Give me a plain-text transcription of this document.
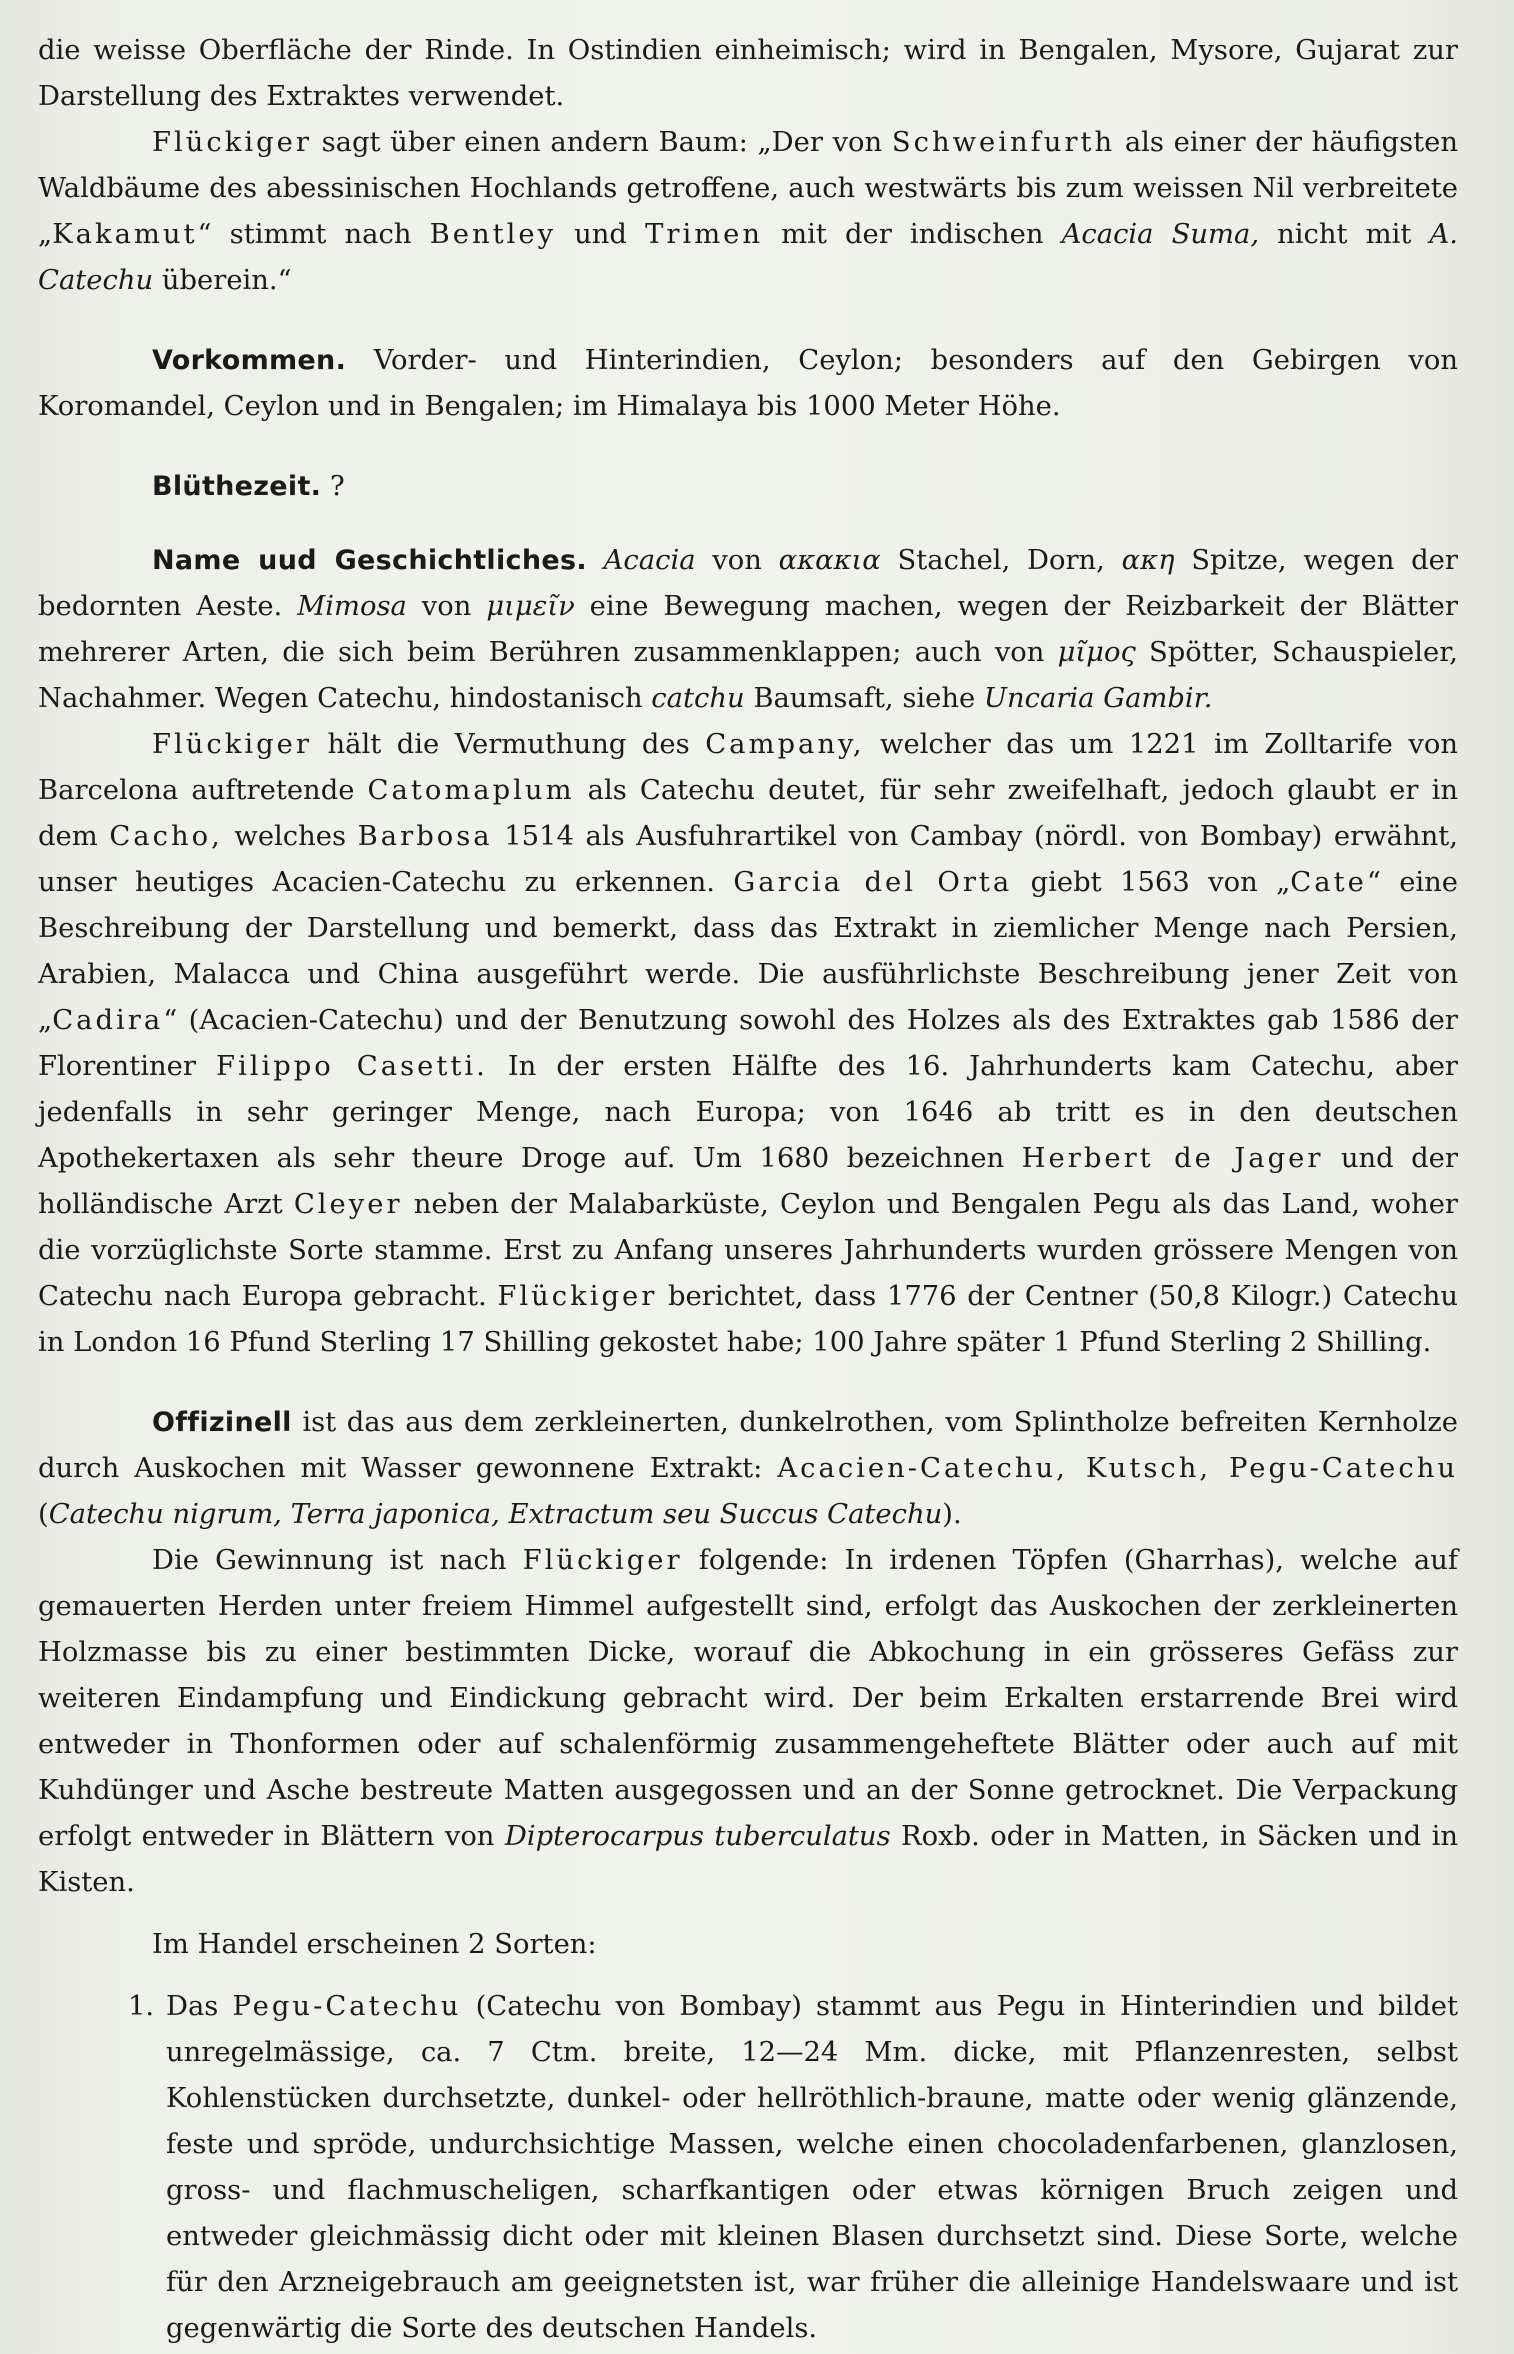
die weisse Oberfläche der Rinde. In Ostindien einheimisch; wird in Bengalen, Mysore, Gujarat zur Darstellung des Extraktes verwendet.

Flückiger sagt über einen andern Baum: „Der von Schweinfurth als einer der häufigsten Waldbäume des abessinischen Hochlands getroffene, auch westwärts bis zum weissen Nil verbreitete „Kakamut“ stimmt nach Bentley und Trimen mit der indischen Acacia Suma, nicht mit A. Catechu überein.“

Vorkommen. Vorder- und Hinterindien, Ceylon; besonders auf den Gebirgen von Koromandel, Ceylon und in Bengalen; im Himalaya bis 1000 Meter Höhe.

Blüthezeit. ?

Name uud Geschichtliches. Acacia von ακακια Stachel, Dorn, ακη Spitze, wegen der bedornten Aeste. Mimosa von μιμεῖν eine Bewegung machen, wegen der Reizbarkeit der Blätter mehrerer Arten, die sich beim Berühren zusammenklappen; auch von μῖμος Spötter, Schauspieler, Nachahmer. Wegen Catechu, hindostanisch catchu Baumsaft, siehe Uncaria Gambir.

Flückiger hält die Vermuthung des Campany, welcher das um 1221 im Zolltarife von Barcelona auftretende Catomaplum als Catechu deutet, für sehr zweifelhaft, jedoch glaubt er in dem Cacho, welches Barbosa 1514 als Ausfuhrartikel von Cambay (nördl. von Bombay) erwähnt, unser heutiges Acacien-Catechu zu erkennen. Garcia del Orta giebt 1563 von „Cate“ eine Beschreibung der Darstellung und bemerkt, dass das Extrakt in ziemlicher Menge nach Persien, Arabien, Malacca und China ausgeführt werde. Die ausführlichste Beschreibung jener Zeit von „Cadira“ (Acacien-Catechu) und der Benutzung sowohl des Holzes als des Extraktes gab 1586 der Florentiner Filippo Casetti. In der ersten Hälfte des 16. Jahrhunderts kam Catechu, aber jedenfalls in sehr geringer Menge, nach Europa; von 1646 ab tritt es in den deutschen Apothekertaxen als sehr theure Droge auf. Um 1680 bezeichnen Herbert de Jager und der holländische Arzt Cleyer neben der Malabarküste, Ceylon und Bengalen Pegu als das Land, woher die vorzüglichste Sorte stamme. Erst zu Anfang unseres Jahrhunderts wurden grössere Mengen von Catechu nach Europa gebracht. Flückiger berichtet, dass 1776 der Centner (50,8 Kilogr.) Catechu in London 16 Pfund Sterling 17 Shilling gekostet habe; 100 Jahre später 1 Pfund Sterling 2 Shilling.

Offizinell ist das aus dem zerkleinerten, dunkelrothen, vom Splintholze befreiten Kernholze durch Auskochen mit Wasser gewonnene Extrakt: Acacien-Catechu, Kutsch, Pegu-Catechu (Catechu nigrum, Terra japonica, Extractum seu Succus Catechu).

Die Gewinnung ist nach Flückiger folgende: In irdenen Töpfen (Gharrhas), welche auf gemauerten Herden unter freiem Himmel aufgestellt sind, erfolgt das Auskochen der zerkleinerten Holzmasse bis zu einer bestimmten Dicke, worauf die Abkochung in ein grösseres Gefäss zur weiteren Eindampfung und Eindickung gebracht wird. Der beim Erkalten erstarrende Brei wird entweder in Thonformen oder auf schalenförmig zusammengeheftete Blätter oder auch auf mit Kuhdünger und Asche bestreute Matten ausgegossen und an der Sonne getrocknet. Die Verpackung erfolgt entweder in Blättern von Dipterocarpus tuberculatus Roxb. oder in Matten, in Säcken und in Kisten.

Im Handel erscheinen 2 Sorten:

1. Das Pegu-Catechu (Catechu von Bombay) stammt aus Pegu in Hinterindien und bildet unregelmässige, ca. 7 Ctm. breite, 12—24 Mm. dicke, mit Pflanzenresten, selbst Kohlenstücken durchsetzte, dunkel- oder hellröthlich-braune, matte oder wenig glänzende, feste und spröde, undurchsichtige Massen, welche einen chocoladenfarbenen, glanzlosen, gross- und flachmuscheligen, scharfkantigen oder etwas körnigen Bruch zeigen und entweder gleichmässig dicht oder mit kleinen Blasen durchsetzt sind. Diese Sorte, welche für den Arzneigebrauch am geeignetsten ist, war früher die alleinige Handelswaare und ist gegenwärtig die Sorte des deutschen Handels.
